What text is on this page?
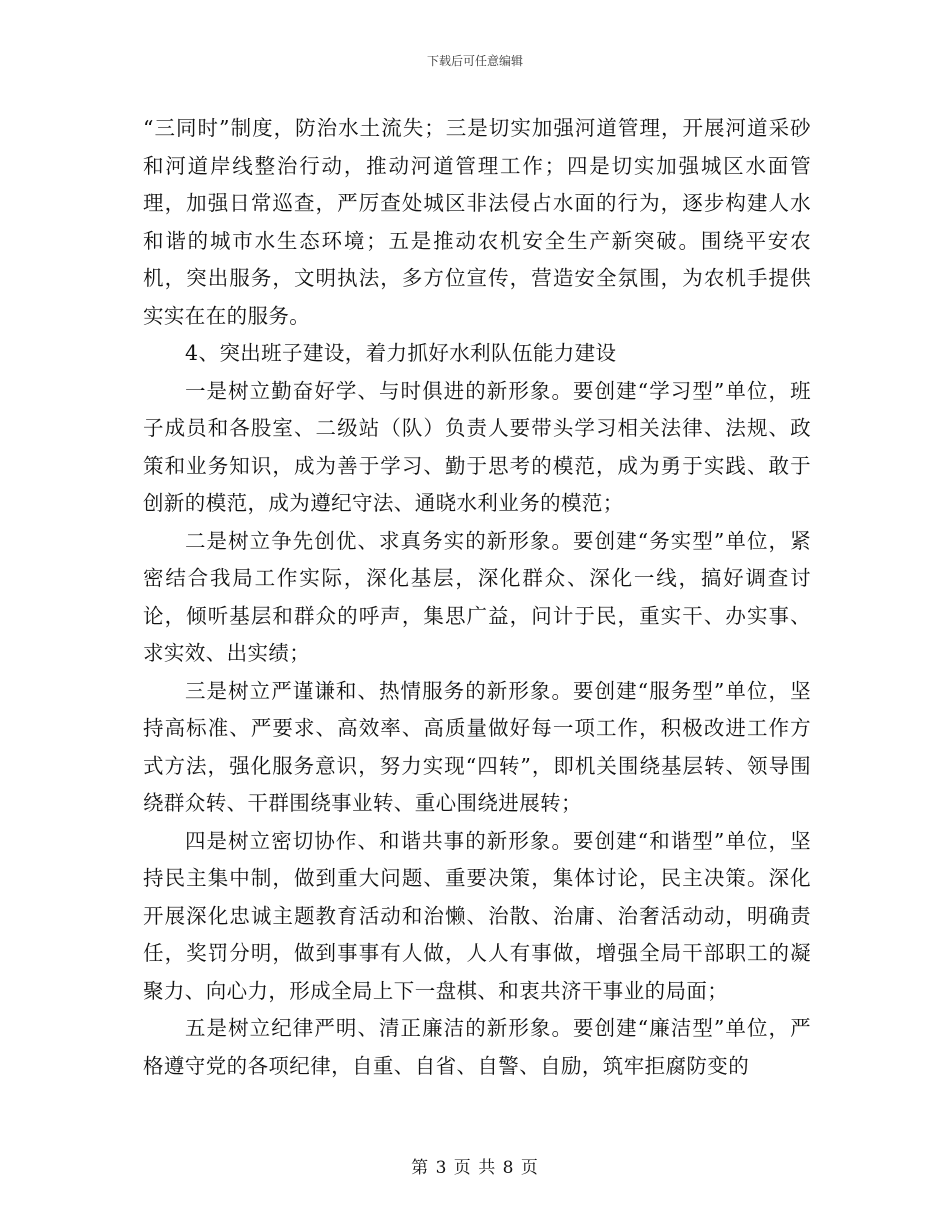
下载后可任意编辑

“三同时”制度，防治水土流失；三是切实加强河道管理，开展河道采砂和河道岸线整治行动，推动河道管理工作；四是切实加强城区水面管理，加强日常巡查，严厉查处城区非法侵占水面的行为，逐步构建人水和谐的城市水生态环境；五是推动农机安全生产新突破。围绕平安农机，突出服务，文明执法，多方位宣传，营造安全氛围，为农机手提供实实在在的服务。

4、突出班子建设，着力抓好水利队伍能力建设

一是树立勤奋好学、与时俱进的新形象。要创建“学习型”单位，班子成员和各股室、二级站（队）负责人要带头学习相关法律、法规、政策和业务知识，成为善于学习、勤于思考的模范，成为勇于实践、敢于创新的模范，成为遵纪守法、通晓水利业务的模范；

二是树立争先创优、求真务实的新形象。要创建“务实型”单位，紧密结合我局工作实际，深化基层，深化群众、深化一线，搞好调查讨论，倾听基层和群众的呼声，集思广益，问计于民，重实干、办实事、求实效、出实绩；

三是树立严谨谦和、热情服务的新形象。要创建“服务型”单位，坚持高标准、严要求、高效率、高质量做好每一项工作，积极改进工作方式方法，强化服务意识，努力实现“四转”，即机关围绕基层转、领导围绕群众转、干群围绕事业转、重心围绕进展转；

四是树立密切协作、和谐共事的新形象。要创建“和谐型”单位，坚持民主集中制，做到重大问题、重要决策，集体讨论，民主决策。深化开展深化忠诚主题教育活动和治懒、治散、治庸、治奢活动动，明确责任，奖罚分明，做到事事有人做，人人有事做，增强全局干部职工的凝聚力、向心力，形成全局上下一盘棋、和衷共济干事业的局面；

五是树立纪律严明、清正廉洁的新形象。要创建“廉洁型”单位，严格遵守党的各项纪律，自重、自省、自警、自励，筑牢拒腐防变的

第 3 页 共 8 页
